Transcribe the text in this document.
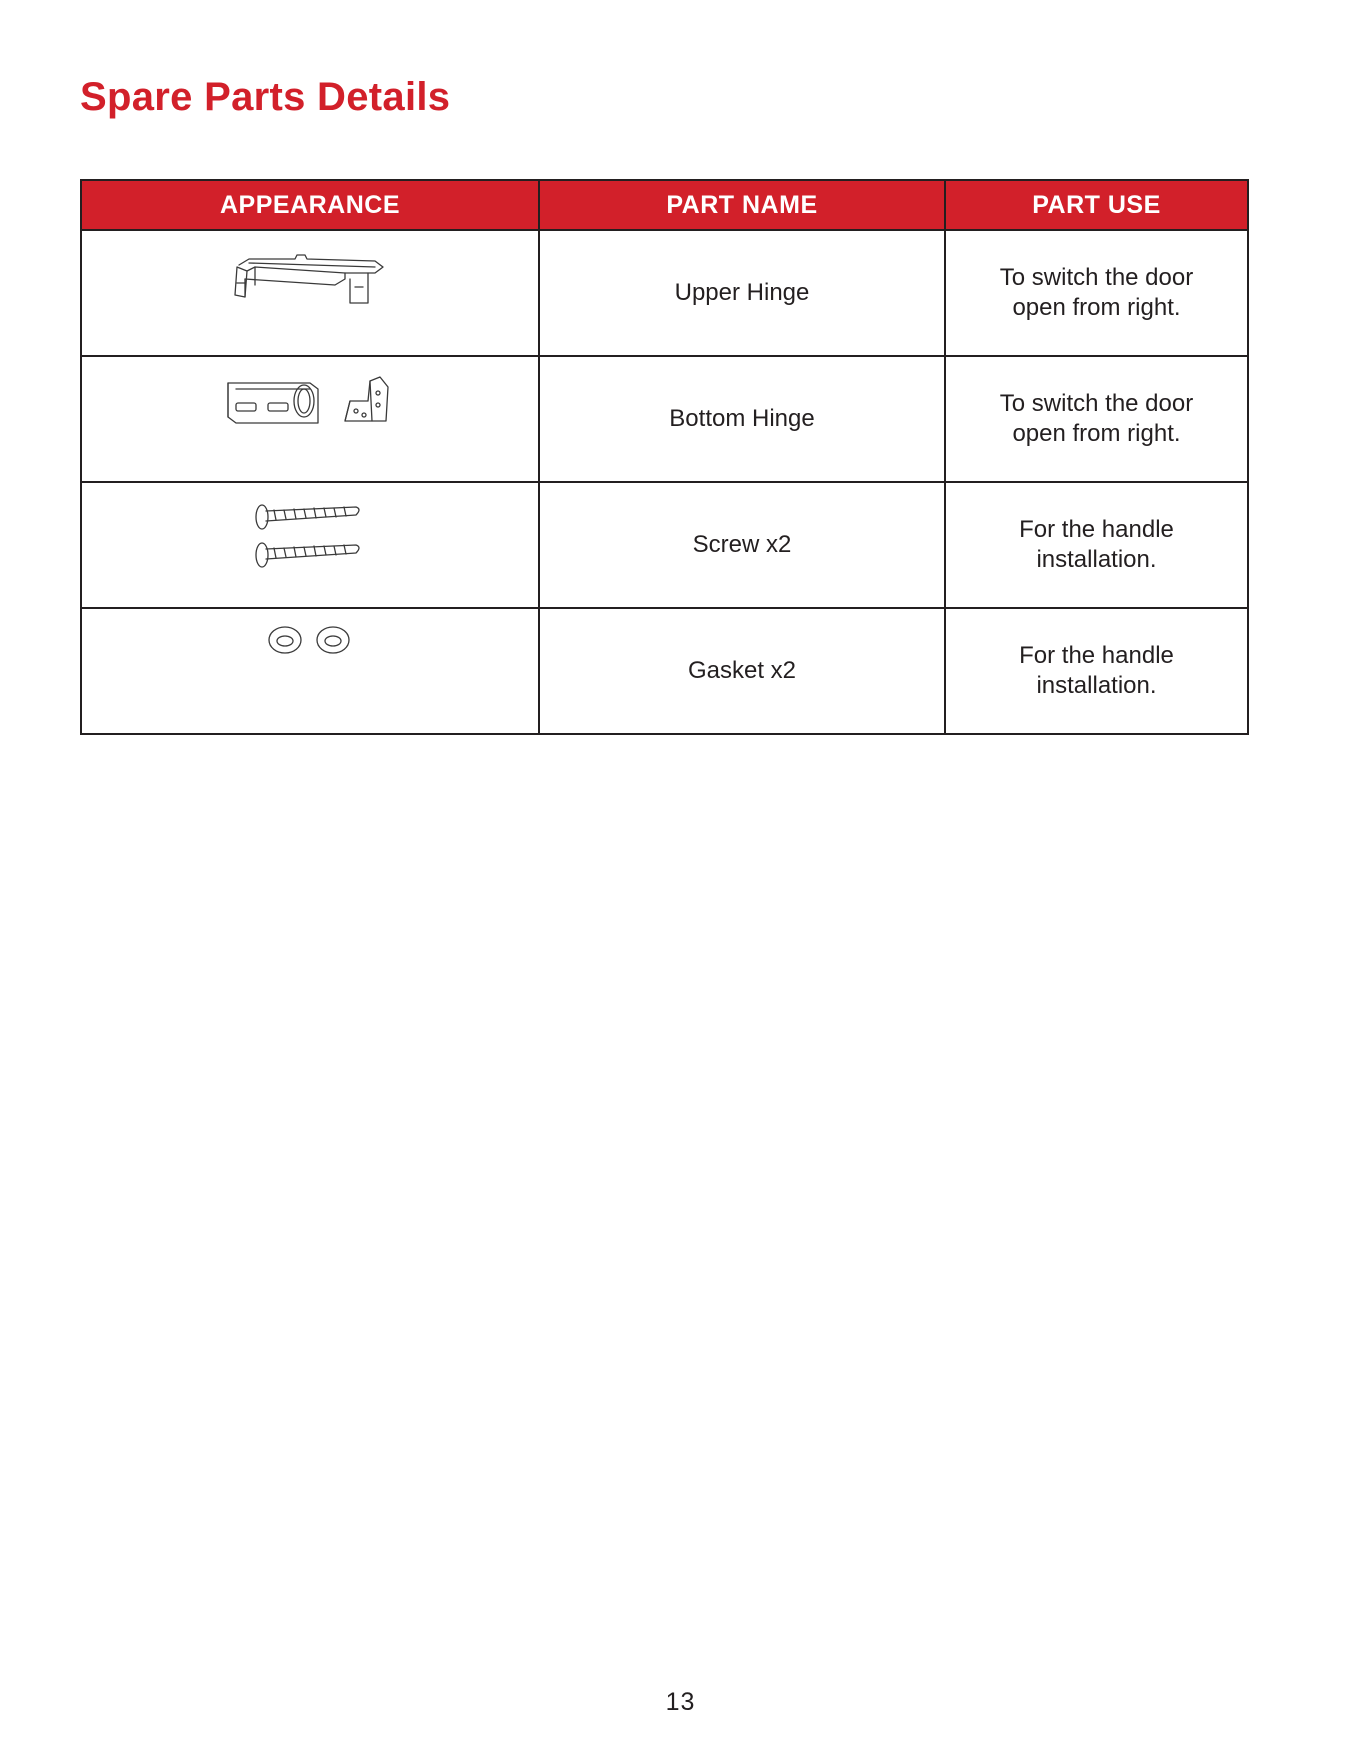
Spare Parts Details
APPEARANCE	PART NAME	PART USE
	Upper Hinge	To switch the door open from right.
	Bottom Hinge	To switch the door open from right.
	Screw x2	For the handle installation.
	Gasket x2	For the handle installation.
13
